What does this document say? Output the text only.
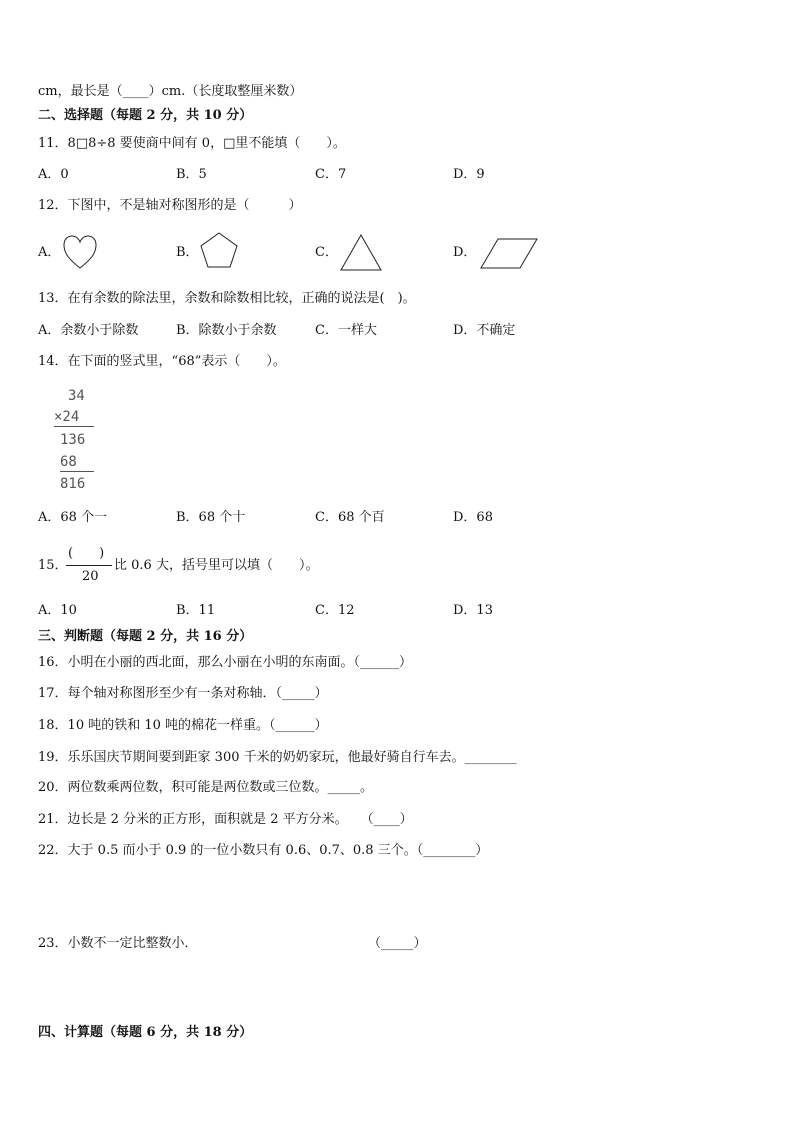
cm，最长是（____）cm.（长度取整厘米数）
二、选择题（每题 2 分，共 10 分）
11．8□8÷8 要使商中间有 0，□里不能填（　　）。
A．0	B．5	C．7	D．9
12．下图中，不是轴对称图形的是（　　　）
A．	B．	C．	D．
13．在有余数的除法里，余数和除数相比较，正确的说法是(　)。
A．余数小于除数	B．除数小于余数	C．一样大	D．不确定
14．在下面的竖式里，“68”表示（　　）。
34
×24
136
68
816
A．68 个一	B．68 个十	C．68 个百	D．68
15．
(　　)
20
比 0.6 大，括号里可以填（　　）。
A．10	B．11	C．12	D．13
三、判断题（每题 2 分，共 16 分）
16．小明在小丽的西北面，那么小丽在小明的东南面。（______）
17．每个轴对称图形至少有一条对称轴．（_____）
18．10 吨的铁和 10 吨的棉花一样重。（______）
19．乐乐国庆节期间要到距家 300 千米的奶奶家玩，他最好骑自行车去。________
20．两位数乘两位数，积可能是两位数或三位数。_____。
21．边长是 2 分米的正方形，面积就是 2 平方分米。　　（____）
22．大于 0.5 而小于 0.9 的一位小数只有 0.6、0.7、0.8 三个。（________）
23．小数不一定比整数小．	（_____）
四、计算题（每题 6 分，共 18 分）
